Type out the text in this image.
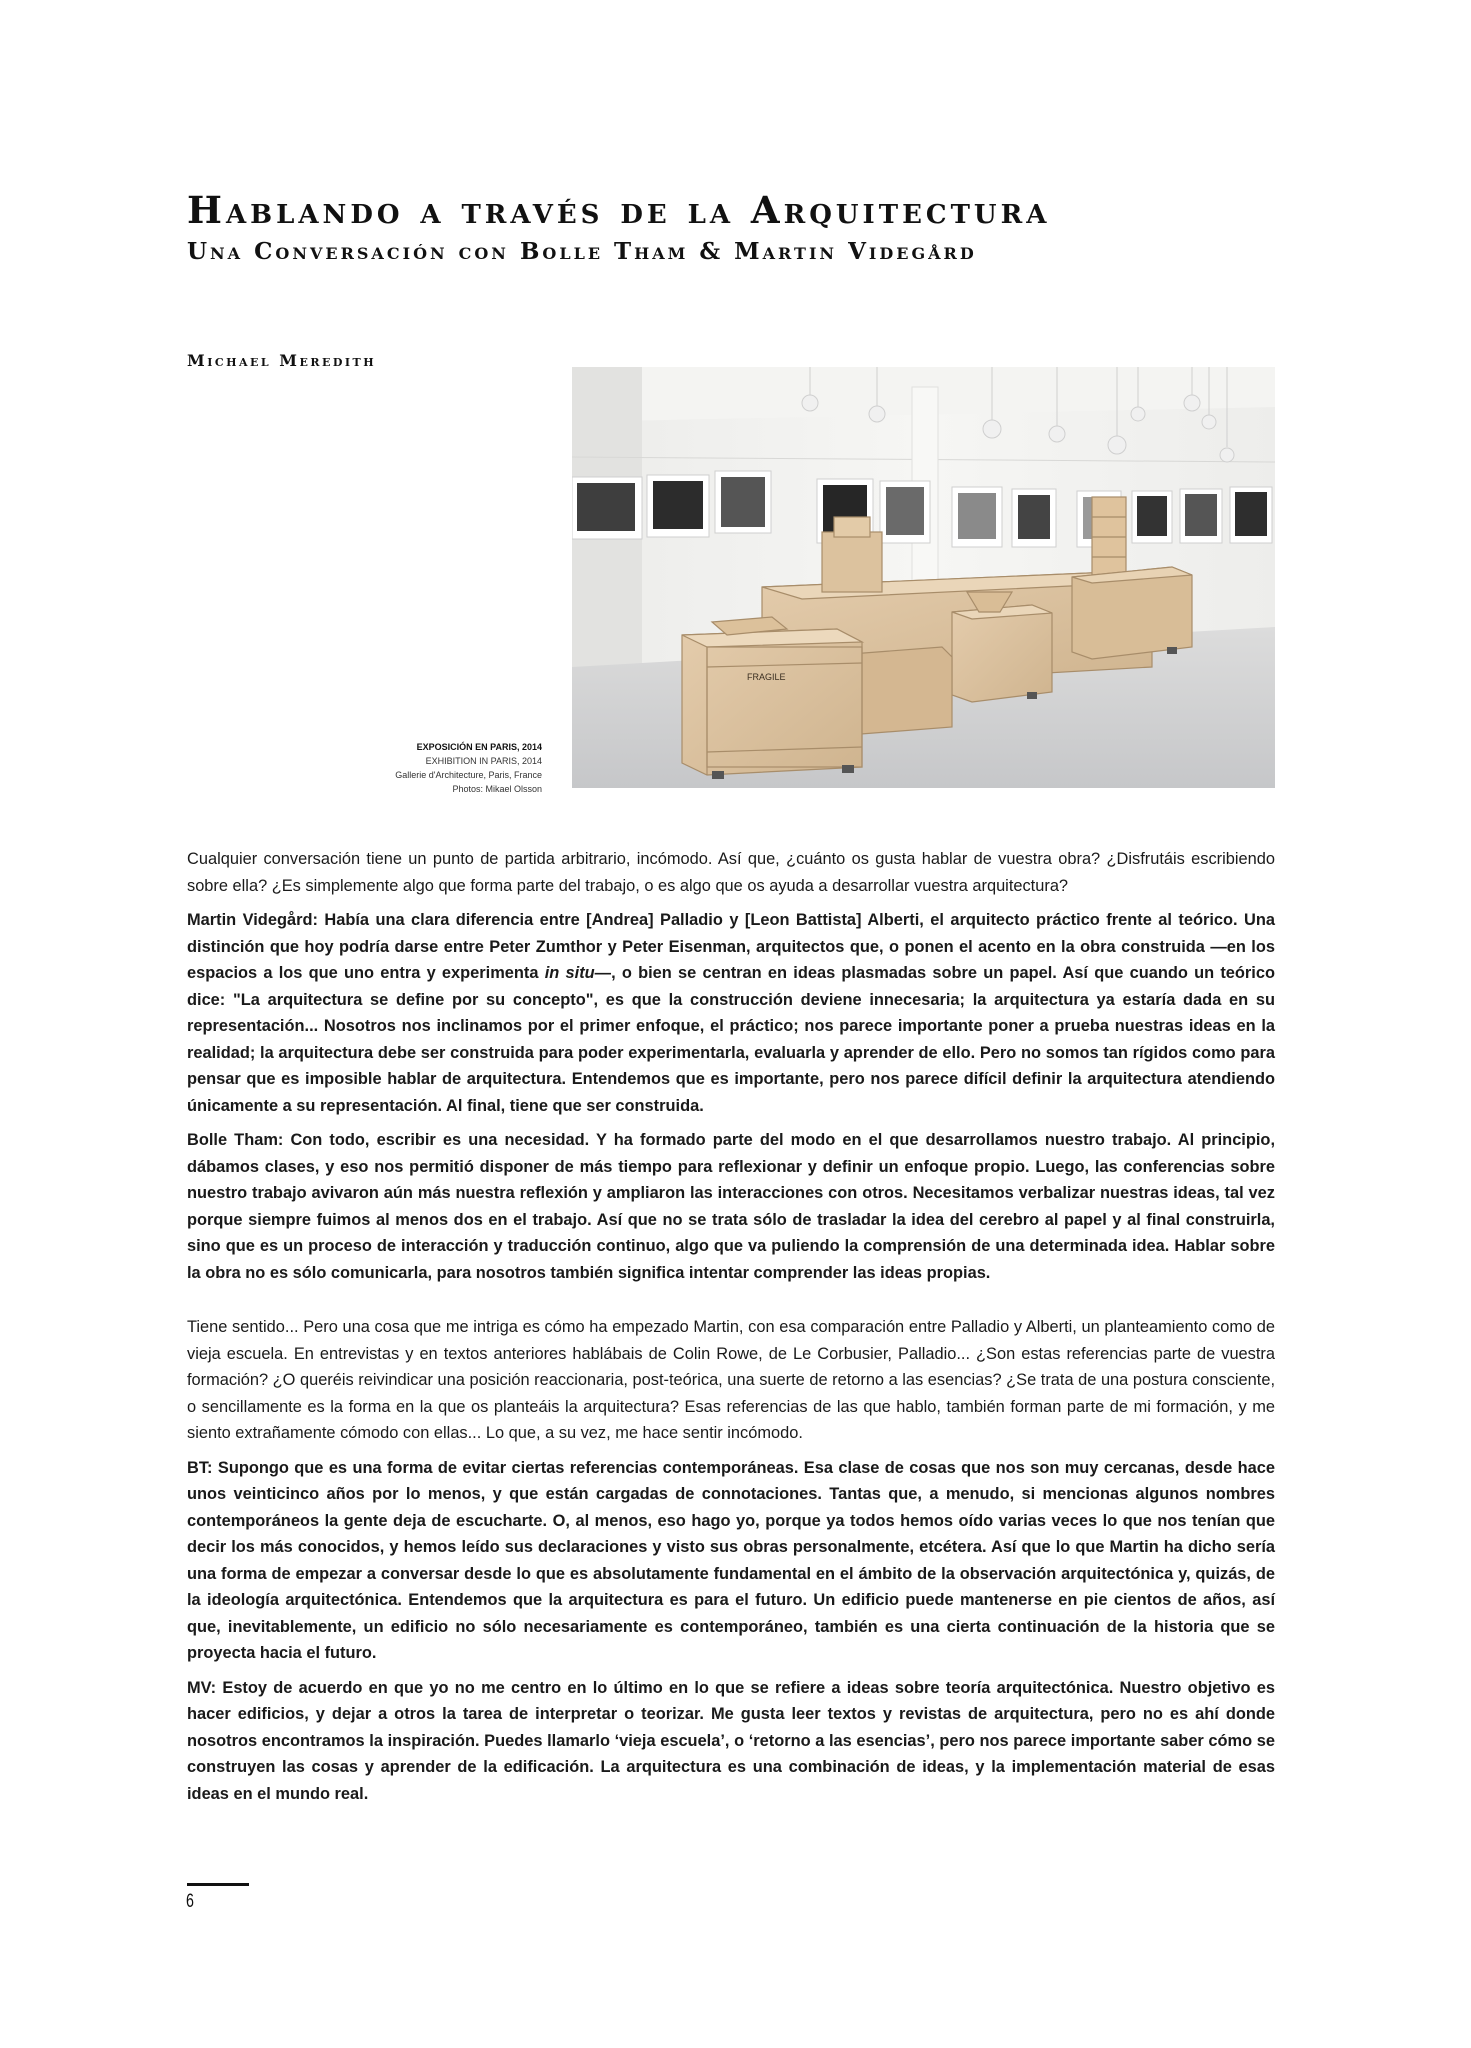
Hablando a través de la Arquitectura
Una Conversación con Bolle Tham & Martin Videgård
Michael Meredith
EXPOSICIÓN EN PARIS, 2014
EXHIBITION IN PARIS, 2014
Gallerie d'Architecture, Paris, France
Photos: Mikael Olsson
FRAGILE

Cualquier conversación tiene un punto de partida arbitrario, incómodo. Así que, ¿cuánto os gusta hablar de vuestra obra? ¿Disfrutáis escribiendo sobre ella? ¿Es simplemente algo que forma parte del trabajo, o es algo que os ayuda a desarrollar vuestra arquitectura?

Martin Videgård: Había una clara diferencia entre [Andrea] Palladio y [Leon Battista] Alberti, el arquitecto práctico frente al teórico. Una distinción que hoy podría darse entre Peter Zumthor y Peter Eisenman, arquitectos que, o ponen el acento en la obra construida —en los espacios a los que uno entra y experimenta in situ—, o bien se centran en ideas plasmadas sobre un papel. Así que cuando un teórico dice: "La arquitectura se define por su concepto", es que la construcción deviene innecesaria; la arquitectura ya estaría dada en su representación... Nosotros nos inclinamos por el primer enfoque, el práctico; nos parece importante poner a prueba nuestras ideas en la realidad; la arquitectura debe ser construida para poder experimentarla, evaluarla y aprender de ello. Pero no somos tan rígidos como para pensar que es imposible hablar de arquitectura. Entendemos que es importante, pero nos parece difícil definir la arquitectura atendiendo únicamente a su representación. Al final, tiene que ser construida.

Bolle Tham: Con todo, escribir es una necesidad. Y ha formado parte del modo en el que desarrollamos nuestro trabajo. Al principio, dábamos clases, y eso nos permitió disponer de más tiempo para reflexionar y definir un enfoque propio. Luego, las conferencias sobre nuestro trabajo avivaron aún más nuestra reflexión y ampliaron las interacciones con otros. Necesitamos verbalizar nuestras ideas, tal vez porque siempre fuimos al menos dos en el trabajo. Así que no se trata sólo de trasladar la idea del cerebro al papel y al final construirla, sino que es un proceso de interacción y traducción continuo, algo que va puliendo la comprensión de una determinada idea. Hablar sobre la obra no es sólo comunicarla, para nosotros también significa intentar comprender las ideas propias.

Tiene sentido... Pero una cosa que me intriga es cómo ha empezado Martin, con esa comparación entre Palladio y Alberti, un planteamiento como de vieja escuela. En entrevistas y en textos anteriores hablábais de Colin Rowe, de Le Corbusier, Palladio... ¿Son estas referencias parte de vuestra formación? ¿O queréis reivindicar una posición reaccionaria, post-teórica, una suerte de retorno a las esencias? ¿Se trata de una postura consciente, o sencillamente es la forma en la que os planteáis la arquitectura? Esas referencias de las que hablo, también forman parte de mi formación, y me siento extrañamente cómodo con ellas... Lo que, a su vez, me hace sentir incómodo.

BT: Supongo que es una forma de evitar ciertas referencias contemporáneas. Esa clase de cosas que nos son muy cercanas, desde hace unos veinticinco años por lo menos, y que están cargadas de connotaciones. Tantas que, a menudo, si mencionas algunos nombres contemporáneos la gente deja de escucharte. O, al menos, eso hago yo, porque ya todos hemos oído varias veces lo que nos tenían que decir los más conocidos, y hemos leído sus declaraciones y visto sus obras personalmente, etcétera. Así que lo que Martin ha dicho sería una forma de empezar a conversar desde lo que es absolutamente fundamental en el ámbito de la observación arquitectónica y, quizás, de la ideología arquitectónica. Entendemos que la arquitectura es para el futuro. Un edificio puede mantenerse en pie cientos de años, así que, inevitablemente, un edificio no sólo necesariamente es contemporáneo, también es una cierta continuación de la historia que se proyecta hacia el futuro.

MV: Estoy de acuerdo en que yo no me centro en lo último en lo que se refiere a ideas sobre teoría arquitectónica. Nuestro objetivo es hacer edificios, y dejar a otros la tarea de interpretar o teorizar. Me gusta leer textos y revistas de arquitectura, pero no es ahí donde nosotros encontramos la inspiración. Puedes llamarlo ‘vieja escuela’, o ‘retorno a las esencias’, pero nos parece importante saber cómo se construyen las cosas y aprender de la edificación. La arquitectura es una combinación de ideas, y la implementación material de esas ideas en el mundo real.

6
